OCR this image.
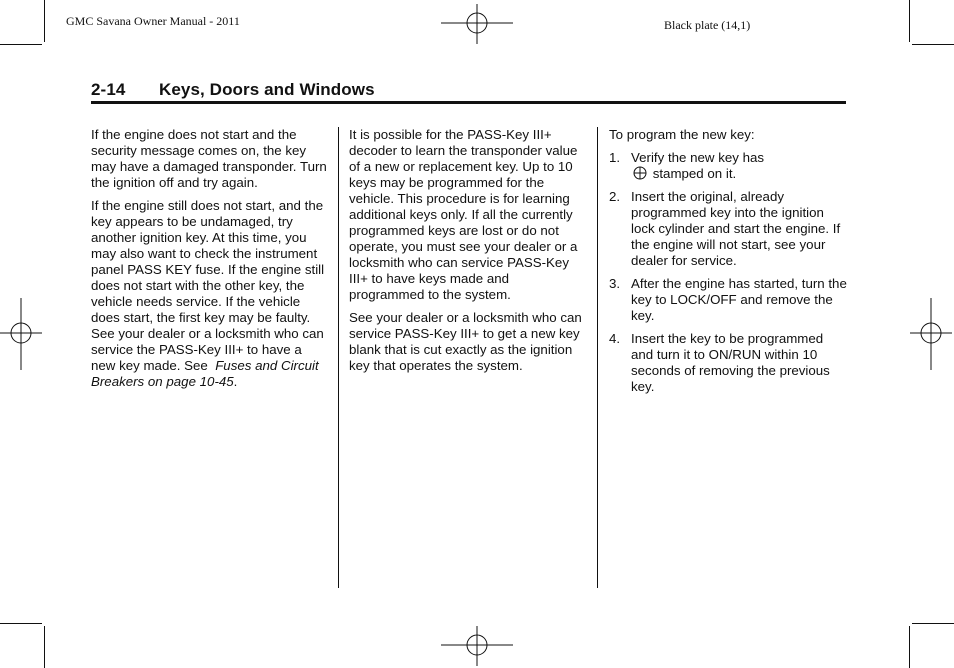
GMC Savana Owner Manual - 2011	Black plate (14,1)
2-14 Keys, Doors and Windows

If the engine does not start and the security message comes on, the key may have a damaged transponder. Turn the ignition off and try again.

If the engine still does not start, and the key appears to be undamaged, try another ignition key. At this time, you may also want to check the instrument panel PASS KEY fuse. If the engine still does not start with the other key, the vehicle needs service. If the vehicle does start, the first key may be faulty. See your dealer or a locksmith who can service the PASS-Key III+ to have a new key made. See Fuses and Circuit Breakers on page 10-45.

It is possible for the PASS-Key III+ decoder to learn the transponder value of a new or replacement key. Up to 10 keys may be programmed for the vehicle. This procedure is for learning additional keys only. If all the currently programmed keys are lost or do not operate, you must see your dealer or a locksmith who can service PASS-Key III+ to have keys made and programmed to the system.

See your dealer or a locksmith who can service PASS-Key III+ to get a new key blank that is cut exactly as the ignition key that operates the system.

To program the new key:

1. Verify the new key has
stamped on it.
2. Insert the original, already programmed key into the ignition lock cylinder and start the engine. If the engine will not start, see your dealer for service.
3. After the engine has started, turn the key to LOCK/OFF and remove the key.
4. Insert the key to be programmed and turn it to ON/RUN within 10 seconds of removing the previous key.
